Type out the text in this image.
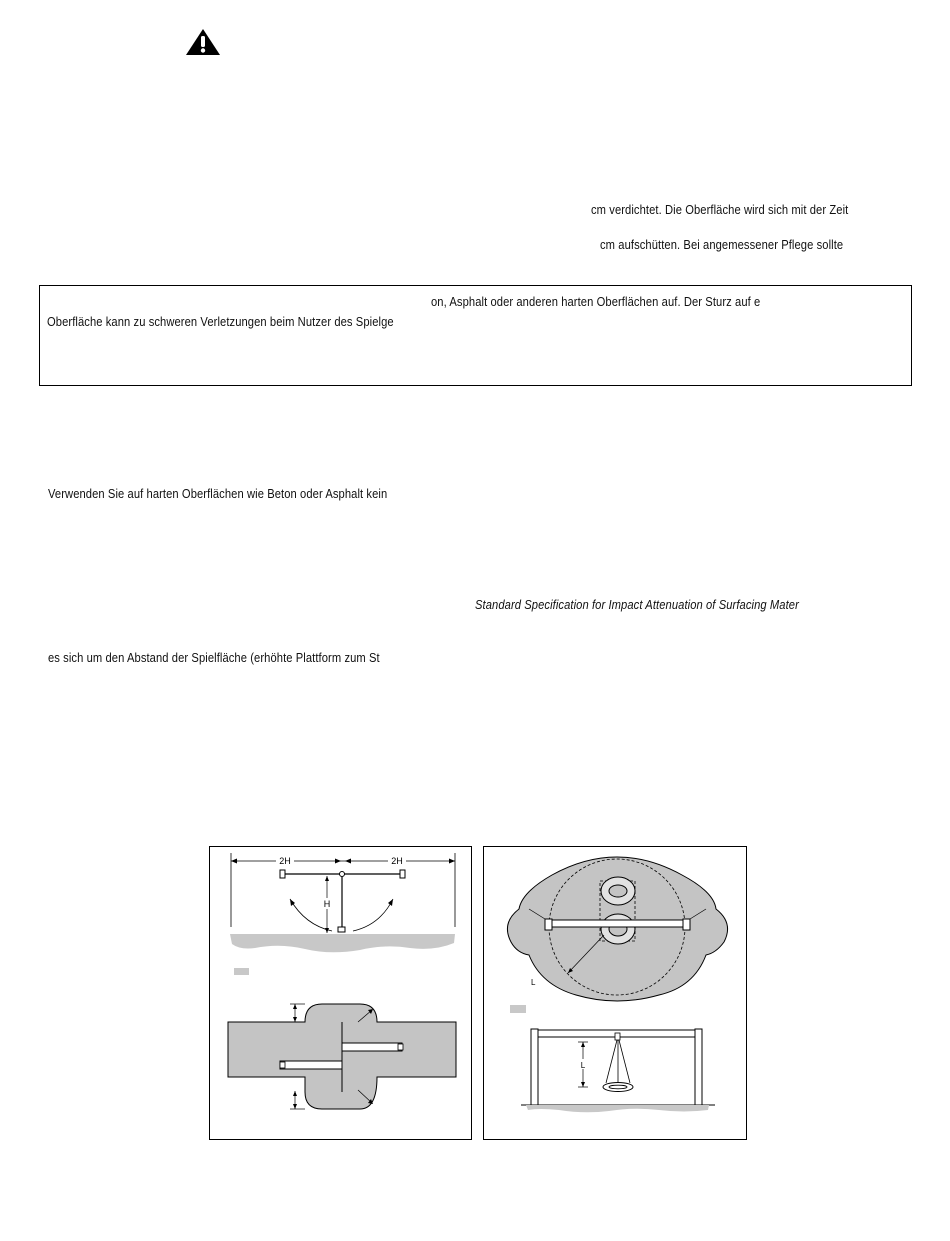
cm verdichtet. Die Oberfläche wird sich mit der Zeit
cm aufschütten. Bei angemessener Pflege sollte
on, Asphalt oder anderen harten Oberflächen auf. Der Sturz auf e
Oberfläche kann zu schweren Verletzungen beim Nutzer des Spielge
Verwenden Sie auf harten Oberflächen wie Beton oder Asphalt kein
Standard Specification for Impact Attenuation of Surfacing Mater
es sich um den Abstand der Spielfläche (erhöhte Plattform zum St
2H	2H
H
L
L
